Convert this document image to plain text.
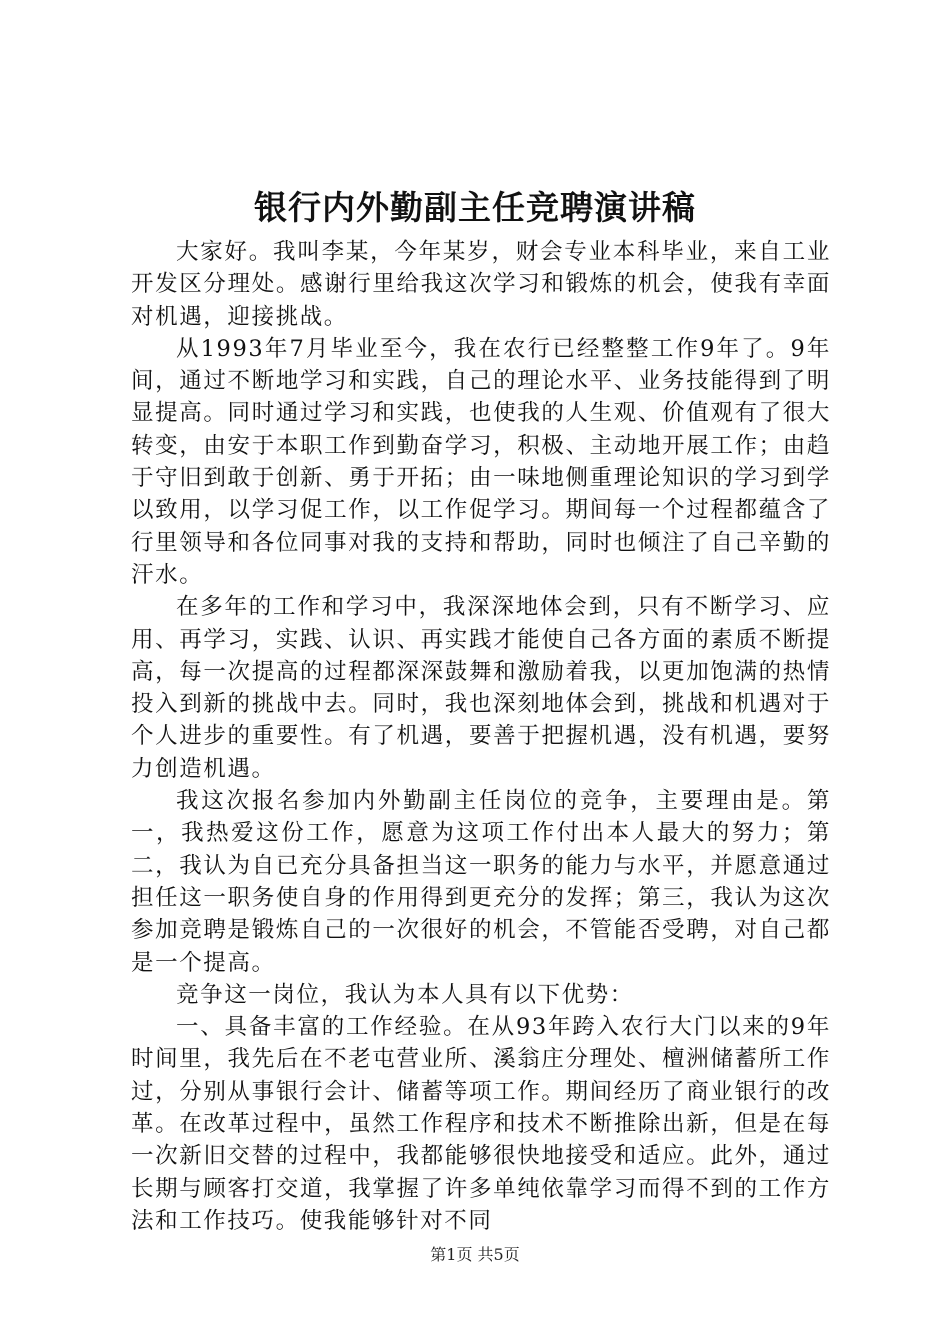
银行内外勤副主任竞聘演讲稿

大家好。我叫李某，今年某岁，财会专业本科毕业，来自工业开发区分理处。感谢行里给我这次学习和锻炼的机会，使我有幸面对机遇，迎接挑战。

从1993年7月毕业至今，我在农行已经整整工作9年了。9年间，通过不断地学习和实践，自己的理论水平、业务技能得到了明显提高。同时通过学习和实践，也使我的人生观、价值观有了很大转变，由安于本职工作到勤奋学习，积极、主动地开展工作；由趋于守旧到敢于创新、勇于开拓；由一味地侧重理论知识的学习到学以致用，以学习促工作，以工作促学习。期间每一个过程都蕴含了行里领导和各位同事对我的支持和帮助，同时也倾注了自己辛勤的汗水。

在多年的工作和学习中，我深深地体会到，只有不断学习、应用、再学习，实践、认识、再实践才能使自己各方面的素质不断提高，每一次提高的过程都深深鼓舞和激励着我，以更加饱满的热情投入到新的挑战中去。同时，我也深刻地体会到，挑战和机遇对于个人进步的重要性。有了机遇，要善于把握机遇，没有机遇，要努力创造机遇。

我这次报名参加内外勤副主任岗位的竞争，主要理由是。第一，我热爱这份工作，愿意为这项工作付出本人最大的努力；第二，我认为自已充分具备担当这一职务的能力与水平，并愿意通过担任这一职务使自身的作用得到更充分的发挥；第三，我认为这次参加竞聘是锻炼自己的一次很好的机会，不管能否受聘，对自己都是一个提高。

竞争这一岗位，我认为本人具有以下优势：

一、具备丰富的工作经验。在从93年跨入农行大门以来的9年时间里，我先后在不老屯营业所、溪翁庄分理处、檀洲储蓄所工作过，分别从事银行会计、储蓄等项工作。期间经历了商业银行的改革。在改革过程中，虽然工作程序和技术不断推除出新，但是在每一次新旧交替的过程中，我都能够很快地接受和适应。此外，通过长期与顾客打交道，我掌握了许多单纯依靠学习而得不到的工作方法和工作技巧。使我能够针对不同

第1页 共5页
